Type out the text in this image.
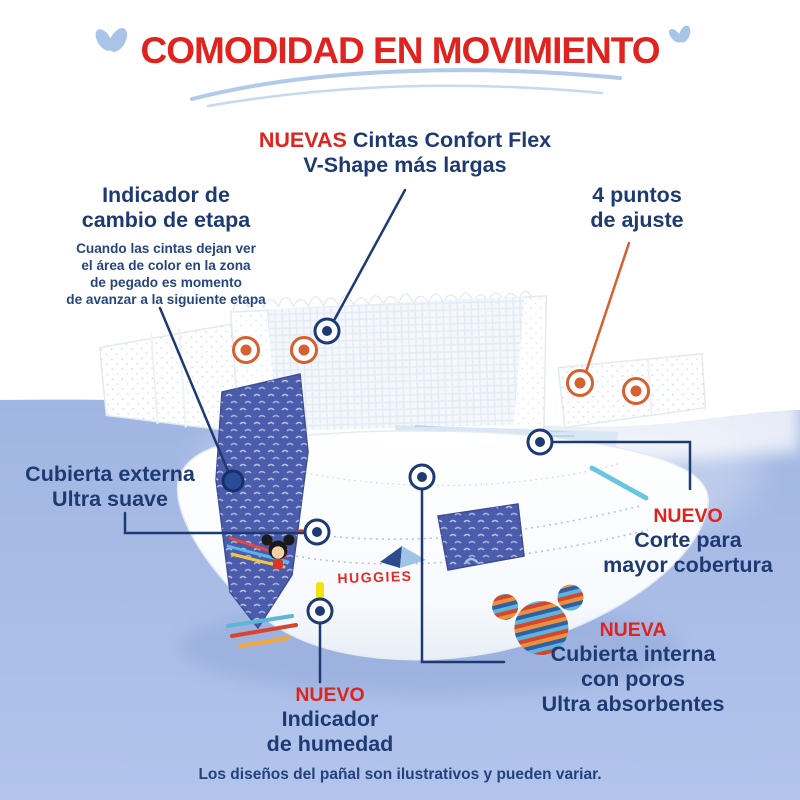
HUGGIES
COMODIDAD EN MOVIMIENTO
NUEVAS Cintas Confort Flex
V-Shape más largas
Indicador de
cambio de etapa
Cuando las cintas dejan ver
el área de color en la zona
de pegado es momento
de avanzar a la siguiente etapa
4 puntos
de ajuste
Cubierta externa
Ultra suave
NUEVO
Corte para
mayor cobertura
NUEVA
Cubierta interna
con poros
Ultra absorbentes
NUEVO
Indicador
de humedad
Los diseños del pañal son ilustrativos y pueden variar.
